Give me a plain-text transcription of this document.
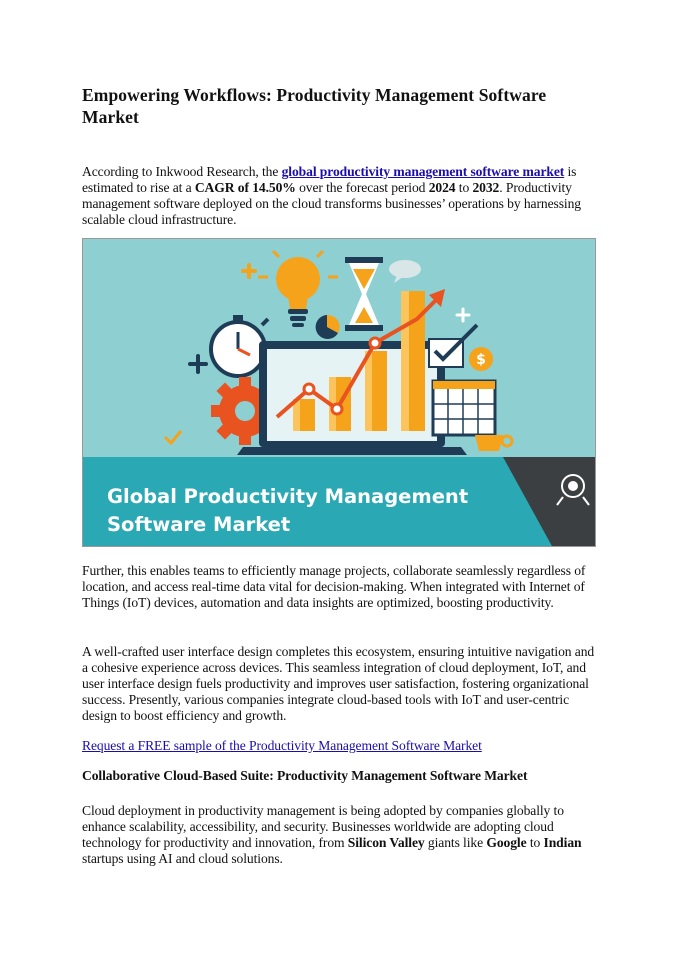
Empowering Workflows: Productivity Management Software Market

According to Inkwood Research, the global productivity management software market is estimated to rise at a CAGR of 14.50% over the forecast period 2024 to 2032. Productivity management software deployed on the cloud transforms businesses’ operations by harnessing scalable cloud infrastructure.

$
Global Productivity Management Software Market

Further, this enables teams to efficiently manage projects, collaborate seamlessly regardless of location, and access real-time data vital for decision-making. When integrated with Internet of Things (IoT) devices, automation and data insights are optimized, boosting productivity.

A well-crafted user interface design completes this ecosystem, ensuring intuitive navigation and a cohesive experience across devices. This seamless integration of cloud deployment, IoT, and user interface design fuels productivity and improves user satisfaction, fostering organizational success. Presently, various companies integrate cloud-based tools with IoT and user-centric design to boost efficiency and growth.

Request a FREE sample of the Productivity Management Software Market

Collaborative Cloud-Based Suite: Productivity Management Software Market

Cloud deployment in productivity management is being adopted by companies globally to enhance scalability, accessibility, and security. Businesses worldwide are adopting cloud technology for productivity and innovation, from Silicon Valley giants like Google to Indian startups using AI and cloud solutions.
